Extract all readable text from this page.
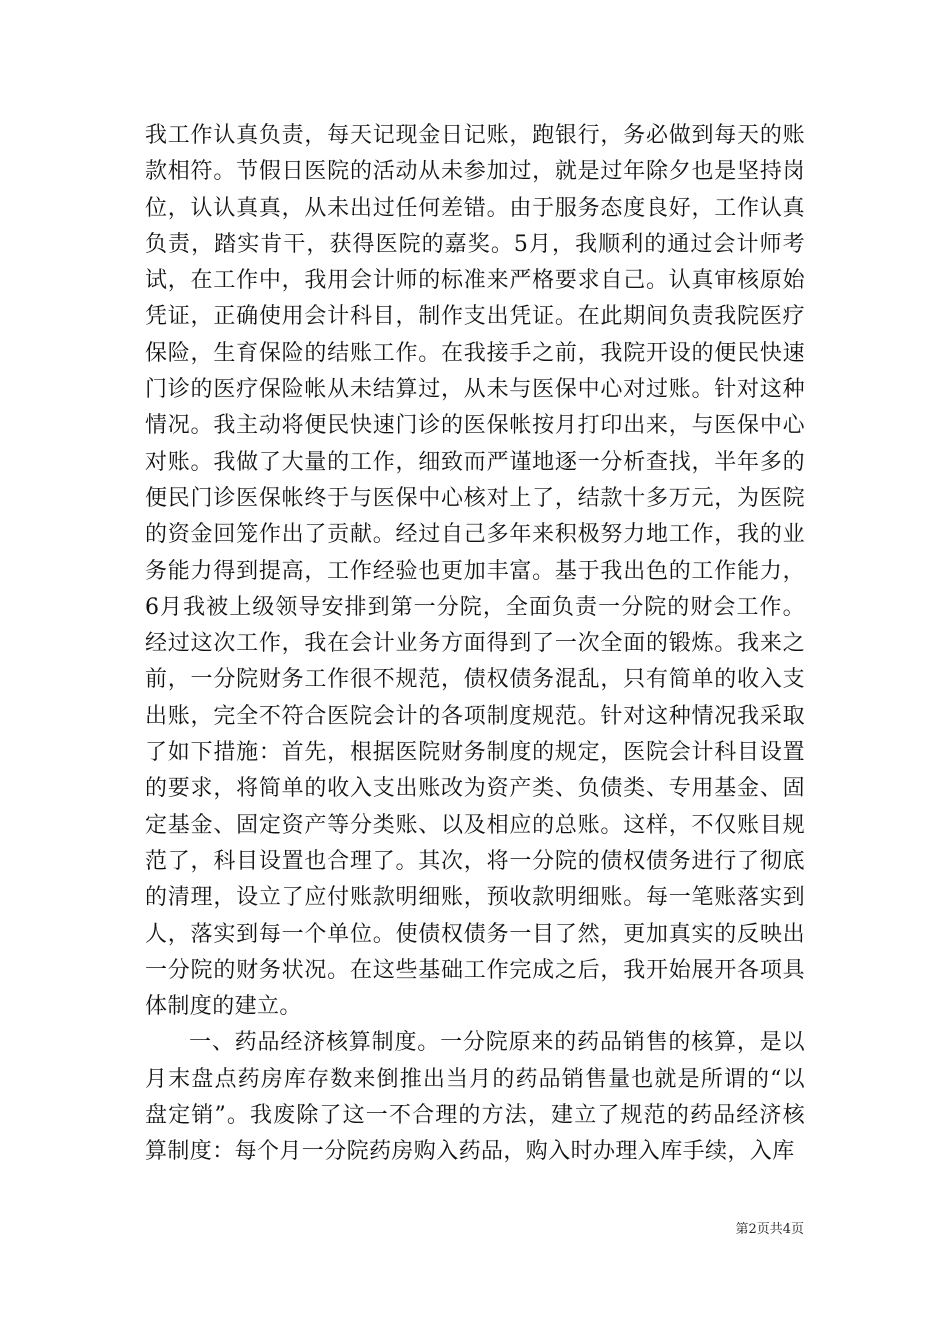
我工作认真负责，每天记现金日记账，跑银行，务必做到每天的账款相符。节假日医院的活动从未参加过，就是过年除夕也是坚持岗位，认认真真，从未出过任何差错。由于服务态度良好，工作认真负责，踏实肯干，获得医院的嘉奖。5月，我顺利的通过会计师考试，在工作中，我用会计师的标准来严格要求自己。认真审核原始凭证，正确使用会计科目，制作支出凭证。在此期间负责我院医疗保险，生育保险的结账工作。在我接手之前，我院开设的便民快速门诊的医疗保险帐从未结算过，从未与医保中心对过账。针对这种情况。我主动将便民快速门诊的医保帐按月打印出来，与医保中心对账。我做了大量的工作，细致而严谨地逐一分析查找，半年多的便民门诊医保帐终于与医保中心核对上了，结款十多万元，为医院的资金回笼作出了贡献。经过自己多年来积极努力地工作，我的业务能力得到提高，工作经验也更加丰富。基于我出色的工作能力，6月我被上级领导安排到第一分院，全面负责一分院的财会工作。经过这次工作，我在会计业务方面得到了一次全面的锻炼。我来之前，一分院财务工作很不规范，债权债务混乱，只有简单的收入支出账，完全不符合医院会计的各项制度规范。针对这种情况我采取了如下措施：首先，根据医院财务制度的规定，医院会计科目设置的要求，将简单的收入支出账改为资产类、负债类、专用基金、固定基金、固定资产等分类账、以及相应的总账。这样，不仅账目规范了，科目设置也合理了。其次，将一分院的债权债务进行了彻底的清理，设立了应付账款明细账，预收款明细账。每一笔账落实到人，落实到每一个单位。使债权债务一目了然，更加真实的反映出一分院的财务状况。在这些基础工作完成之后，我开始展开各项具体制度的建立。

一、药品经济核算制度。一分院原来的药品销售的核算，是以月末盘点药房库存数来倒推出当月的药品销售量也就是所谓的“以盘定销”。我废除了这一不合理的方法，建立了规范的药品经济核算制度：每个月一分院药房购入药品，购入时办理入库手续，入库

第2页共4页
